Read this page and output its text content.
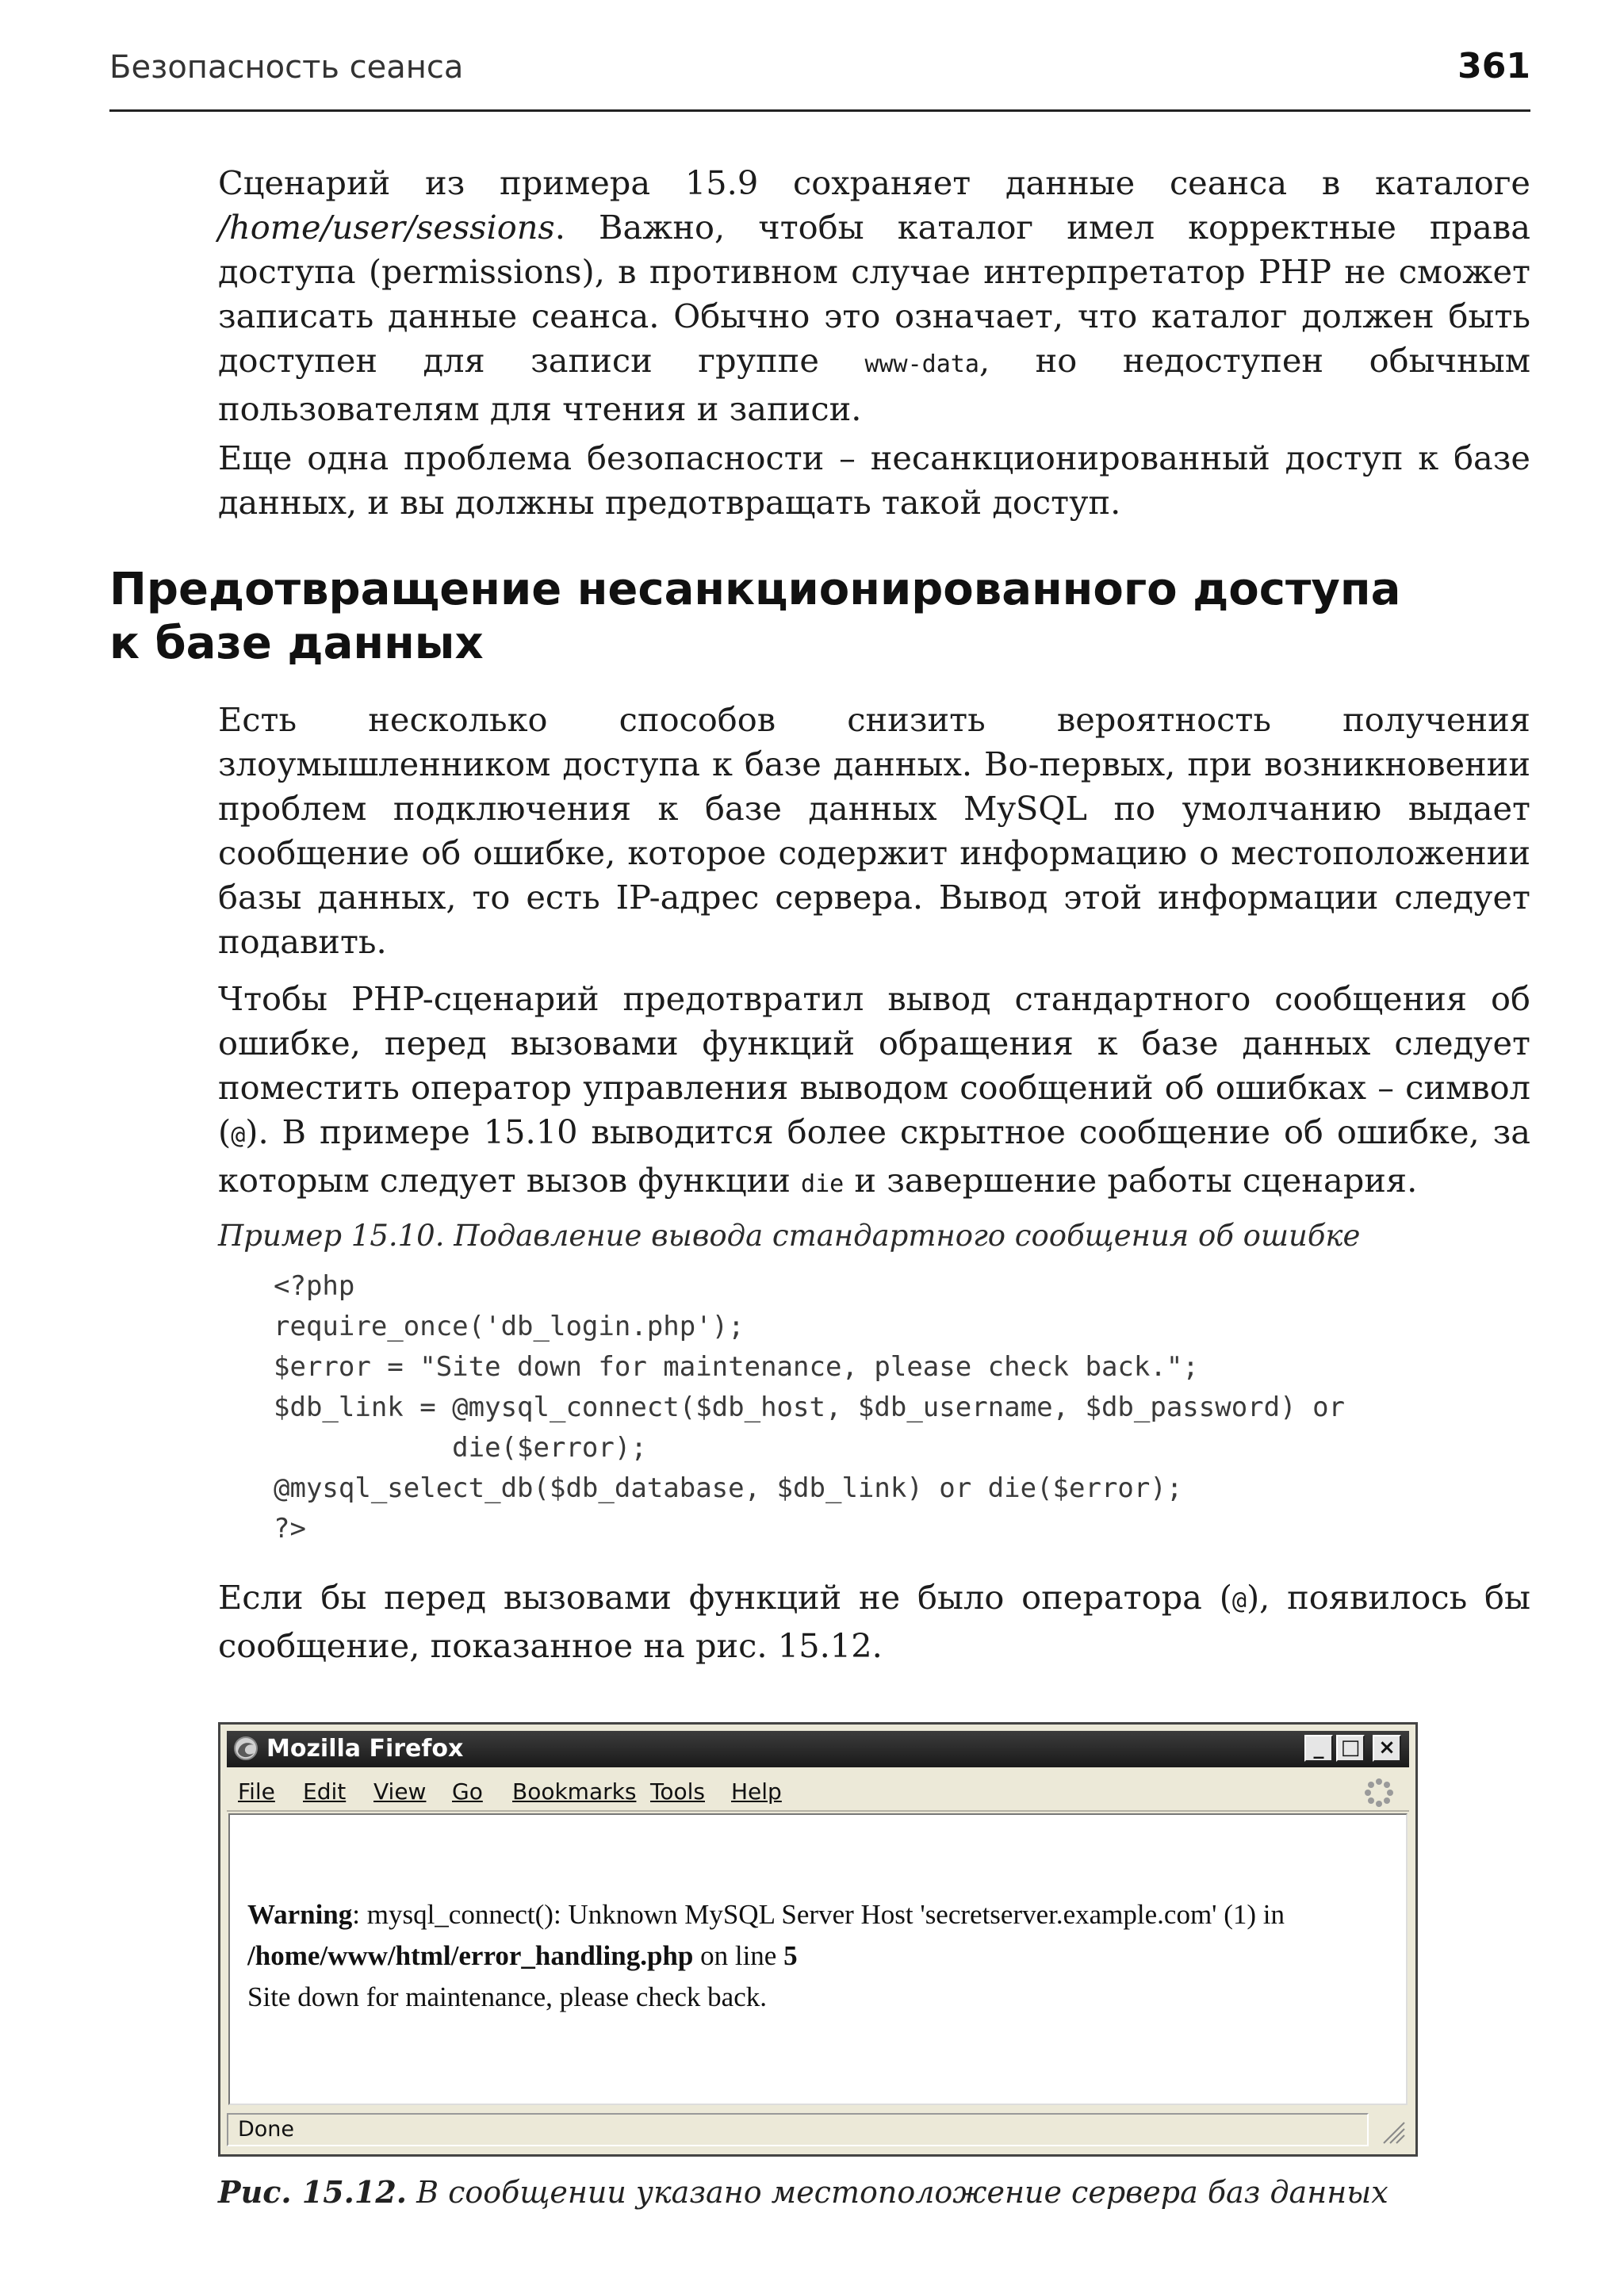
Безопасность сеанса	361

Сценарий из примера 15.9 сохраняет данные сеанса в каталоге /home/user/sessions. Важно, чтобы каталог имел корректные права доступа (permissions), в противном случае интерпретатор PHP не сможет записать данные сеанса. Обычно это означает, что каталог должен быть доступен для записи группе www-data, но недоступен обычным пользователям для чтения и записи.

Еще одна проблема безопасности – несанкционированный доступ к базе данных, и вы должны предотвращать такой доступ.

Предотвращение несанкционированного доступа
к базе данных

Есть несколько способов снизить вероятность получения злоумышленником доступа к базе данных. Во-первых, при возникновении проблем подключения к базе данных MySQL по умолчанию выдает сообщение об ошибке, которое содержит информацию о местоположении базы данных, то есть IP-адрес сервера. Вывод этой информации следует подавить.

Чтобы PHP-сценарий предотвратил вывод стандартного сообщения об ошибке, перед вызовами функций обращения к базе данных следует поместить оператор управления выводом сообщений об ошибках – символ (@). В примере 15.10 выводится более скрытное сообщение об ошибке, за которым следует вызов функции die и завершение работы сценария.

Пример 15.10. Подавление вывода стандартного сообщения об ошибке

<?php
require_once('db_login.php');
$error = "Site down for maintenance, please check back.";
$db_link = @mysql_connect($db_host, $db_username, $db_password) or
die($error);
@mysql_select_db($db_database, $db_link) or die($error);
?>

Если бы перед вызовами функций не было оператора (@), появилось бы сообщение, показанное на рис. 15.12.

Mozilla Firefox	_ □ ×
File Edit View Go Bookmarks Tools Help
Warning: mysql_connect(): Unknown MySQL Server Host 'secretserver.example.com' (1) in
/home/www/html/error_handling.php on line 5
Site down for maintenance, please check back.
Done

Рис. 15.12. В сообщении указано местоположение сервера баз данных
